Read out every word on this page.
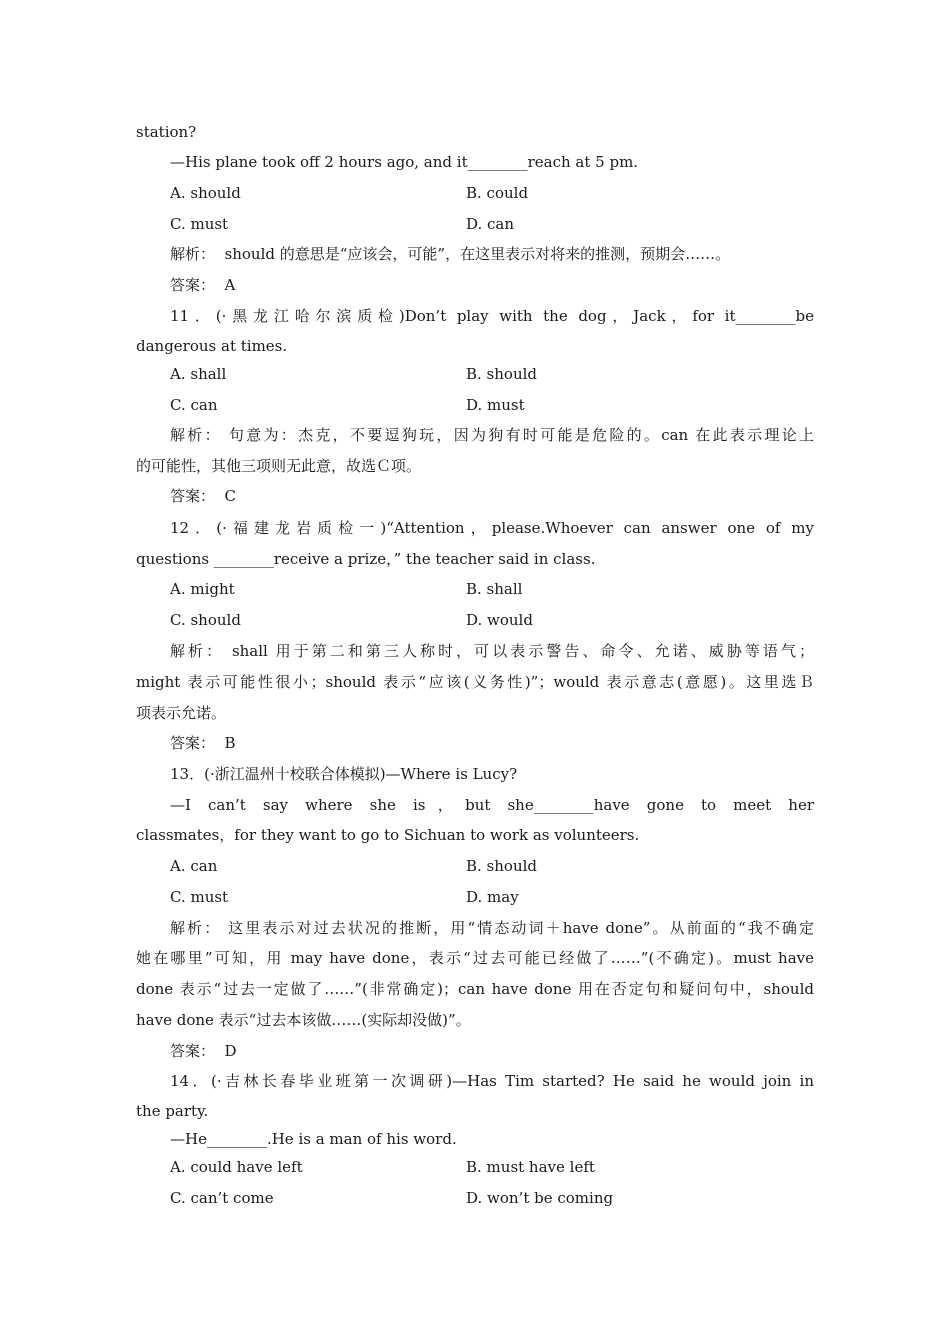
station?
—His plane took off 2 hours ago, and it________reach at 5 pm.
A. should	B. could
C. must	D. can
解析：  should 的意思是“应该会，可能”，在这里表示对将来的推测，预期会……。
答案：  A
11．(·黑龙江哈尔滨质检)Don’t play with the dog，Jack，for it________be
dangerous at times.
A. shall	B. should
C. can	D. must
解析： 句意为：杰克，不要逗狗玩，因为狗有时可能是危险的。can 在此表示理论上
的可能性，其他三项则无此意，故选Ｃ项。
答案：  C
12．(·福建龙岩质检一)“Attention，please.Whoever can answer one of my
questions ________receive a prize，” the teacher said in class.
A. might	B. shall
C. should	D. would
解析： shall 用于第二和第三人称时，可以表示警告、命令、允诺、威胁等语气；
might 表示可能性很小；should 表示“应该(义务性)”；would 表示意志(意愿)。这里选Ｂ
项表示允诺。
答案：  B
13．(·浙江温州十校联合体模拟)—Where is Lucy?
—I can’t say where she is，but she________have gone to meet her
classmates，for they want to go to Sichuan to work as volunteers.
A. can	B. should
C. must	D. may
解析： 这里表示对过去状况的推断，用“情态动词＋have done”。从前面的“我不确定
她在哪里”可知，用 may have done，表示“过去可能已经做了……”(不确定)。must have
done 表示“过去一定做了……”(非常确定)；can have done 用在否定句和疑问句中，should
have done 表示“过去本该做……(实际却没做)”。
答案：  D
14．(·吉林长春毕业班第一次调研)—Has Tim started? He said he would join in
the party.
—He________.He is a man of his word.
A. could have left	B. must have left
C. can’t come	D. won’t be coming
